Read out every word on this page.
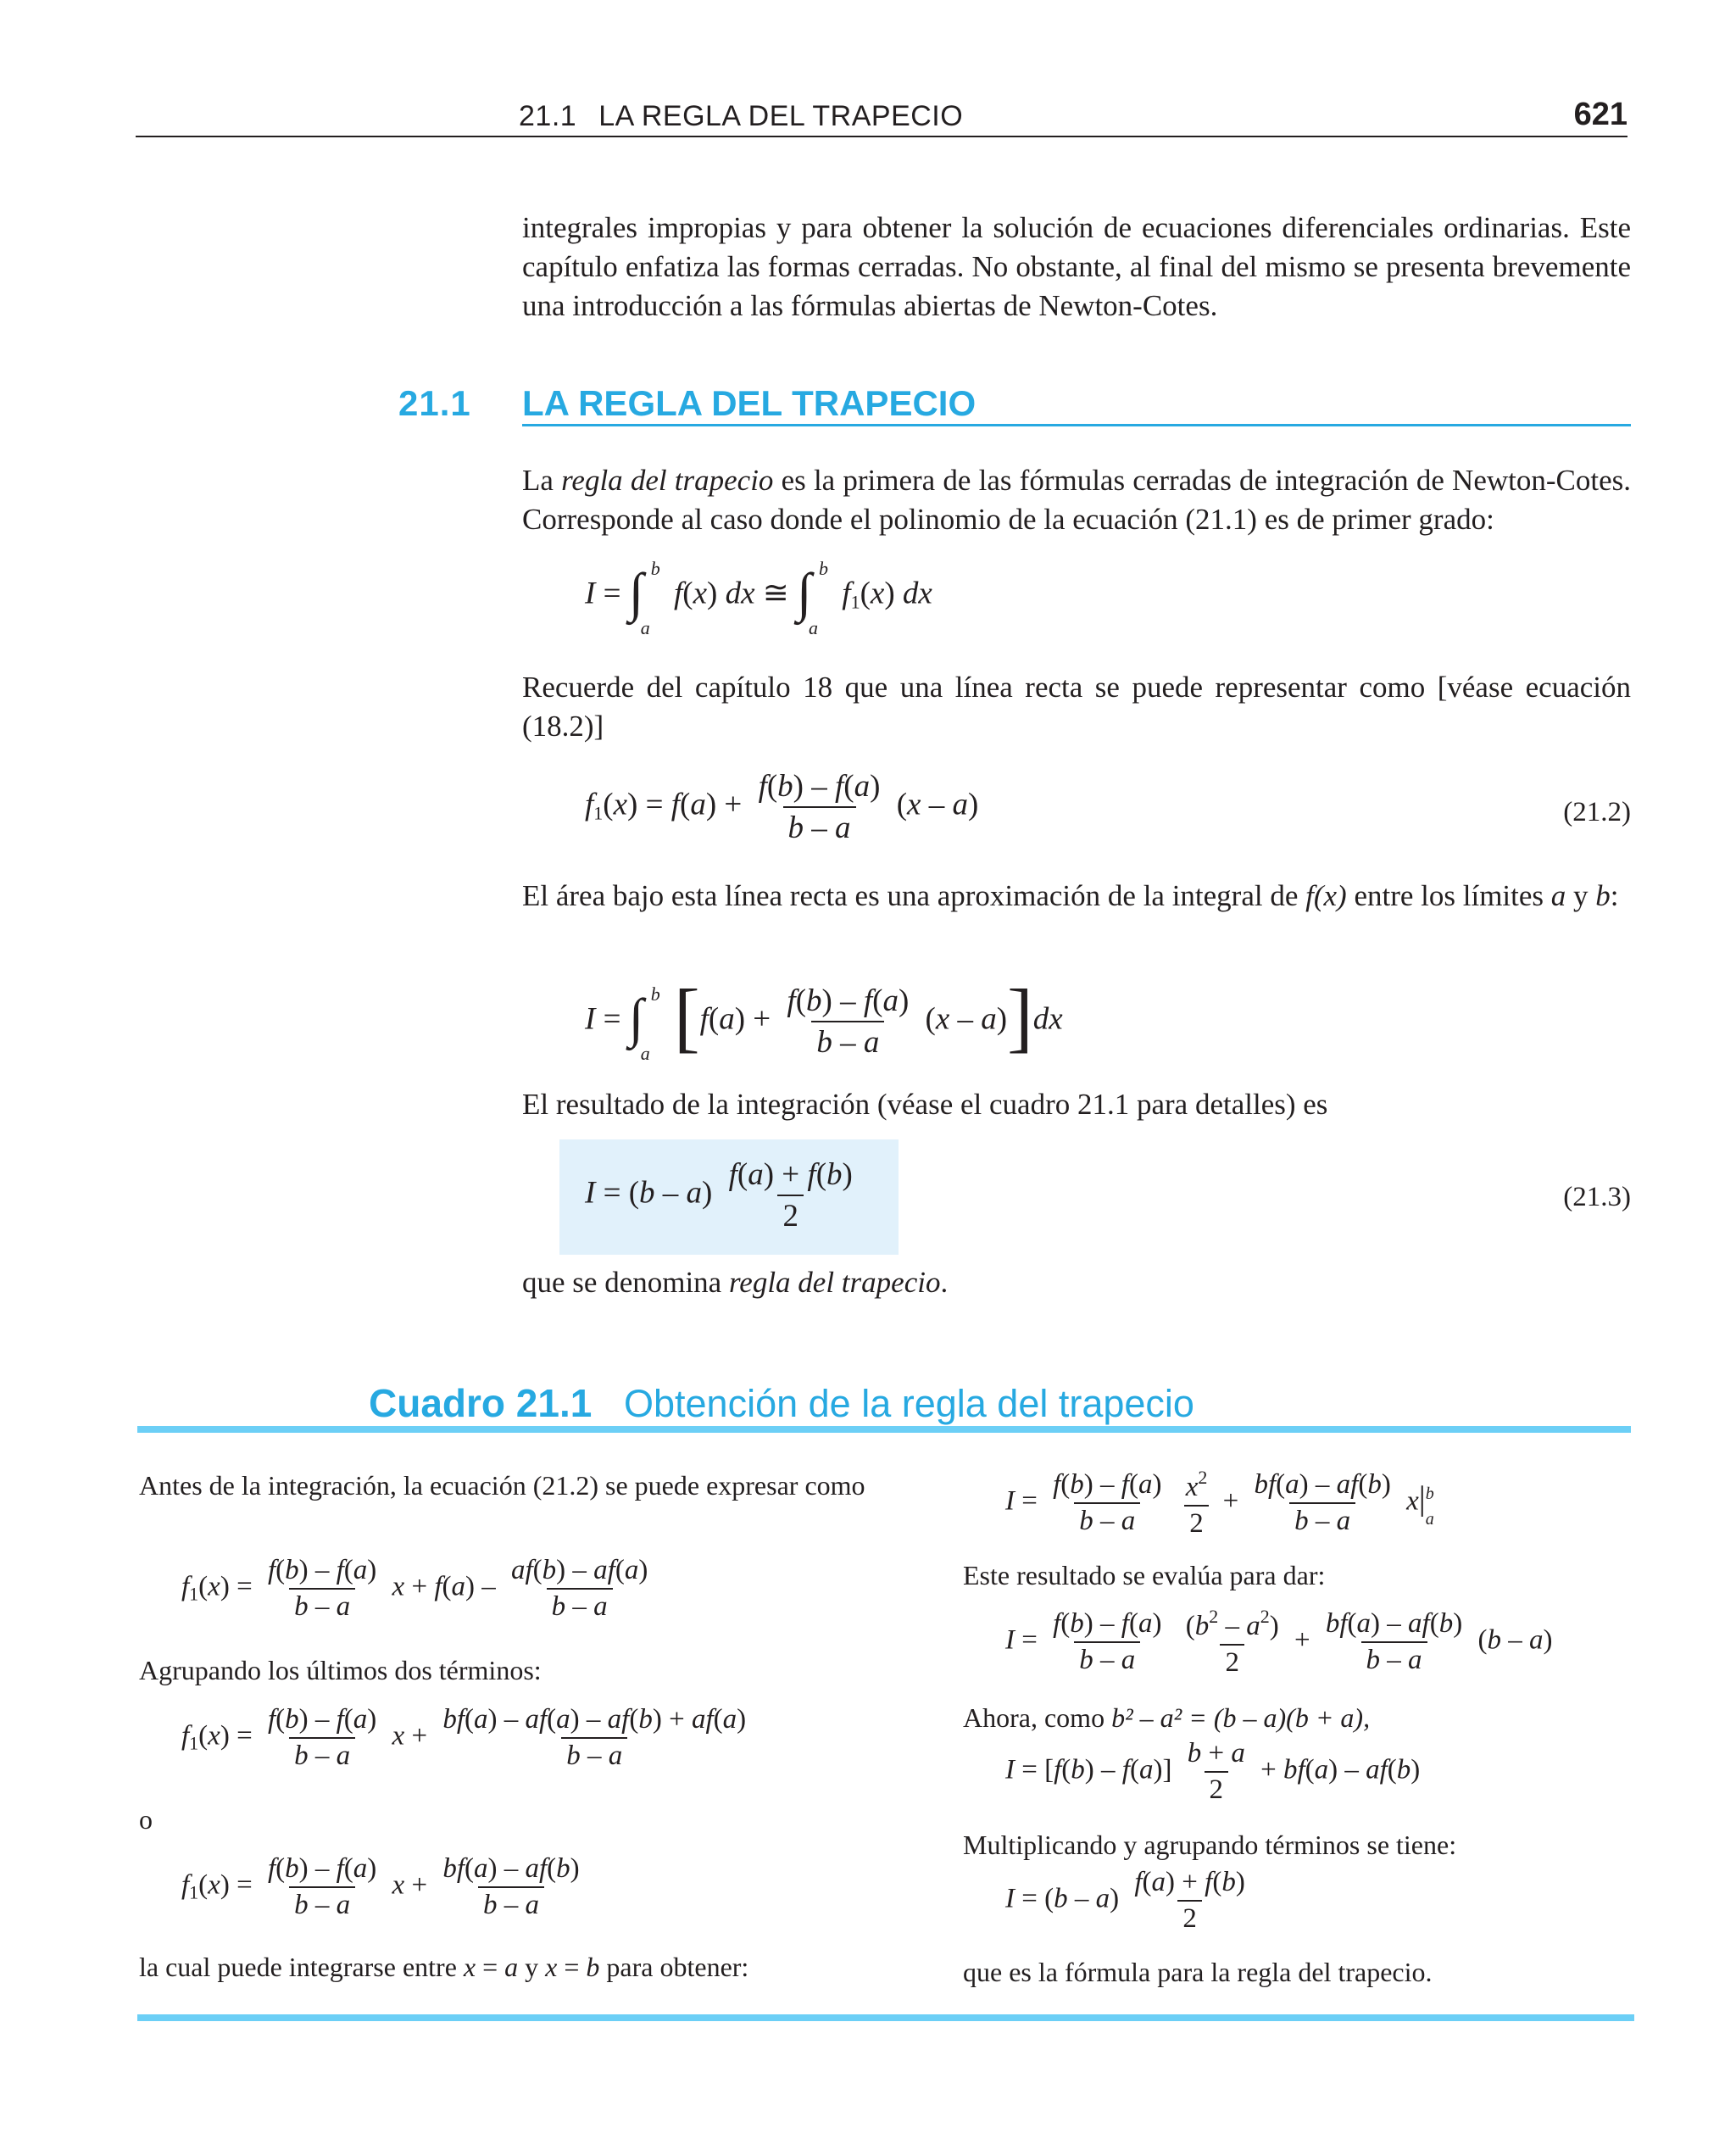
21.1 LA REGLA DEL TRAPECIO	621
integrales impropias y para obtener la solución de ecuaciones diferenciales ordinarias. Este capítulo enfatiza las formas cerradas. No obstante, al final del mismo se presenta brevemente una introducción a las fórmulas abiertas de Newton-Cotes.
21.1 LA REGLA DEL TRAPECIO
La regla del trapecio es la primera de las fórmulas cerradas de integración de Newton-Cotes. Corresponde al caso donde el polinomio de la ecuación (21.1) es de primer grado:
I = ∫ b
a
f(x) dx ≅ ∫ b
a
$f_1(x)$ dx
Recuerde del capítulo 18 que una línea recta se puede representar como [véase ecuación (18.2)]
$f_1(x) = f(a) + \frac{f(b) - f(a)}{b - a} (x - a)$	(21.2)
El área bajo esta línea recta es una aproximación de la integral de f(x) entre los límites a y b:
I = ∫ b
a $[f(a) + \frac{f(b) - f(a)}{b - a} (x - a)]dx$
El resultado de la integración (véase el cuadro 21.1 para detalles) es
$I = (b - a) \frac{f(a) + f(b)}{2}$	(21.3)
que se denomina regla del trapecio.
Cuadro 21.1 Obtención de la regla del trapecio
Antes de la integración, la ecuación (21.2) se puede expresar como
$f_1(x) = \frac{f(b) - f(a)}{b - a}$ $x + f(a) - \frac{af(b) - af(a)}{b - a}$
Agrupando los últimos dos términos:
$f_1(x) = \frac{f(b) - f(a)}{b - a}$ $x + \frac{bf(a) - af(a) - af(b) + af(a)}{b - a}$
o
$f_1(x) = \frac{f(b) - f(a)}{b - a}$ $x + \frac{bf(a) - af(b)}{b - a}$
la cual puede integrarse entre x = a y x = b para obtener:
$I = \frac{f(b) - f(a)}{b - a}$
$\frac{x^2}{2} + \frac{bf(a) - af(b)}{b - a} x|$ b
a
Este resultado se evalúa para dar:
$I = \frac{f(b) - f(a)}{b - a}$
$\frac{(b^2 - a^2)}{2} + \frac{bf(a) - af(b)}{b - a} (b - a)$
Ahora, como b² – a² = (b – a)(b + a),
$I = [f(b) - f(a)] \frac{b + a}{2} + bf(a) - af(b)$
Multiplicando y agrupando términos se tiene:
$I = (b - a) \frac{f(a) + f(b)}{2}$
que es la fórmula para la regla del trapecio.
